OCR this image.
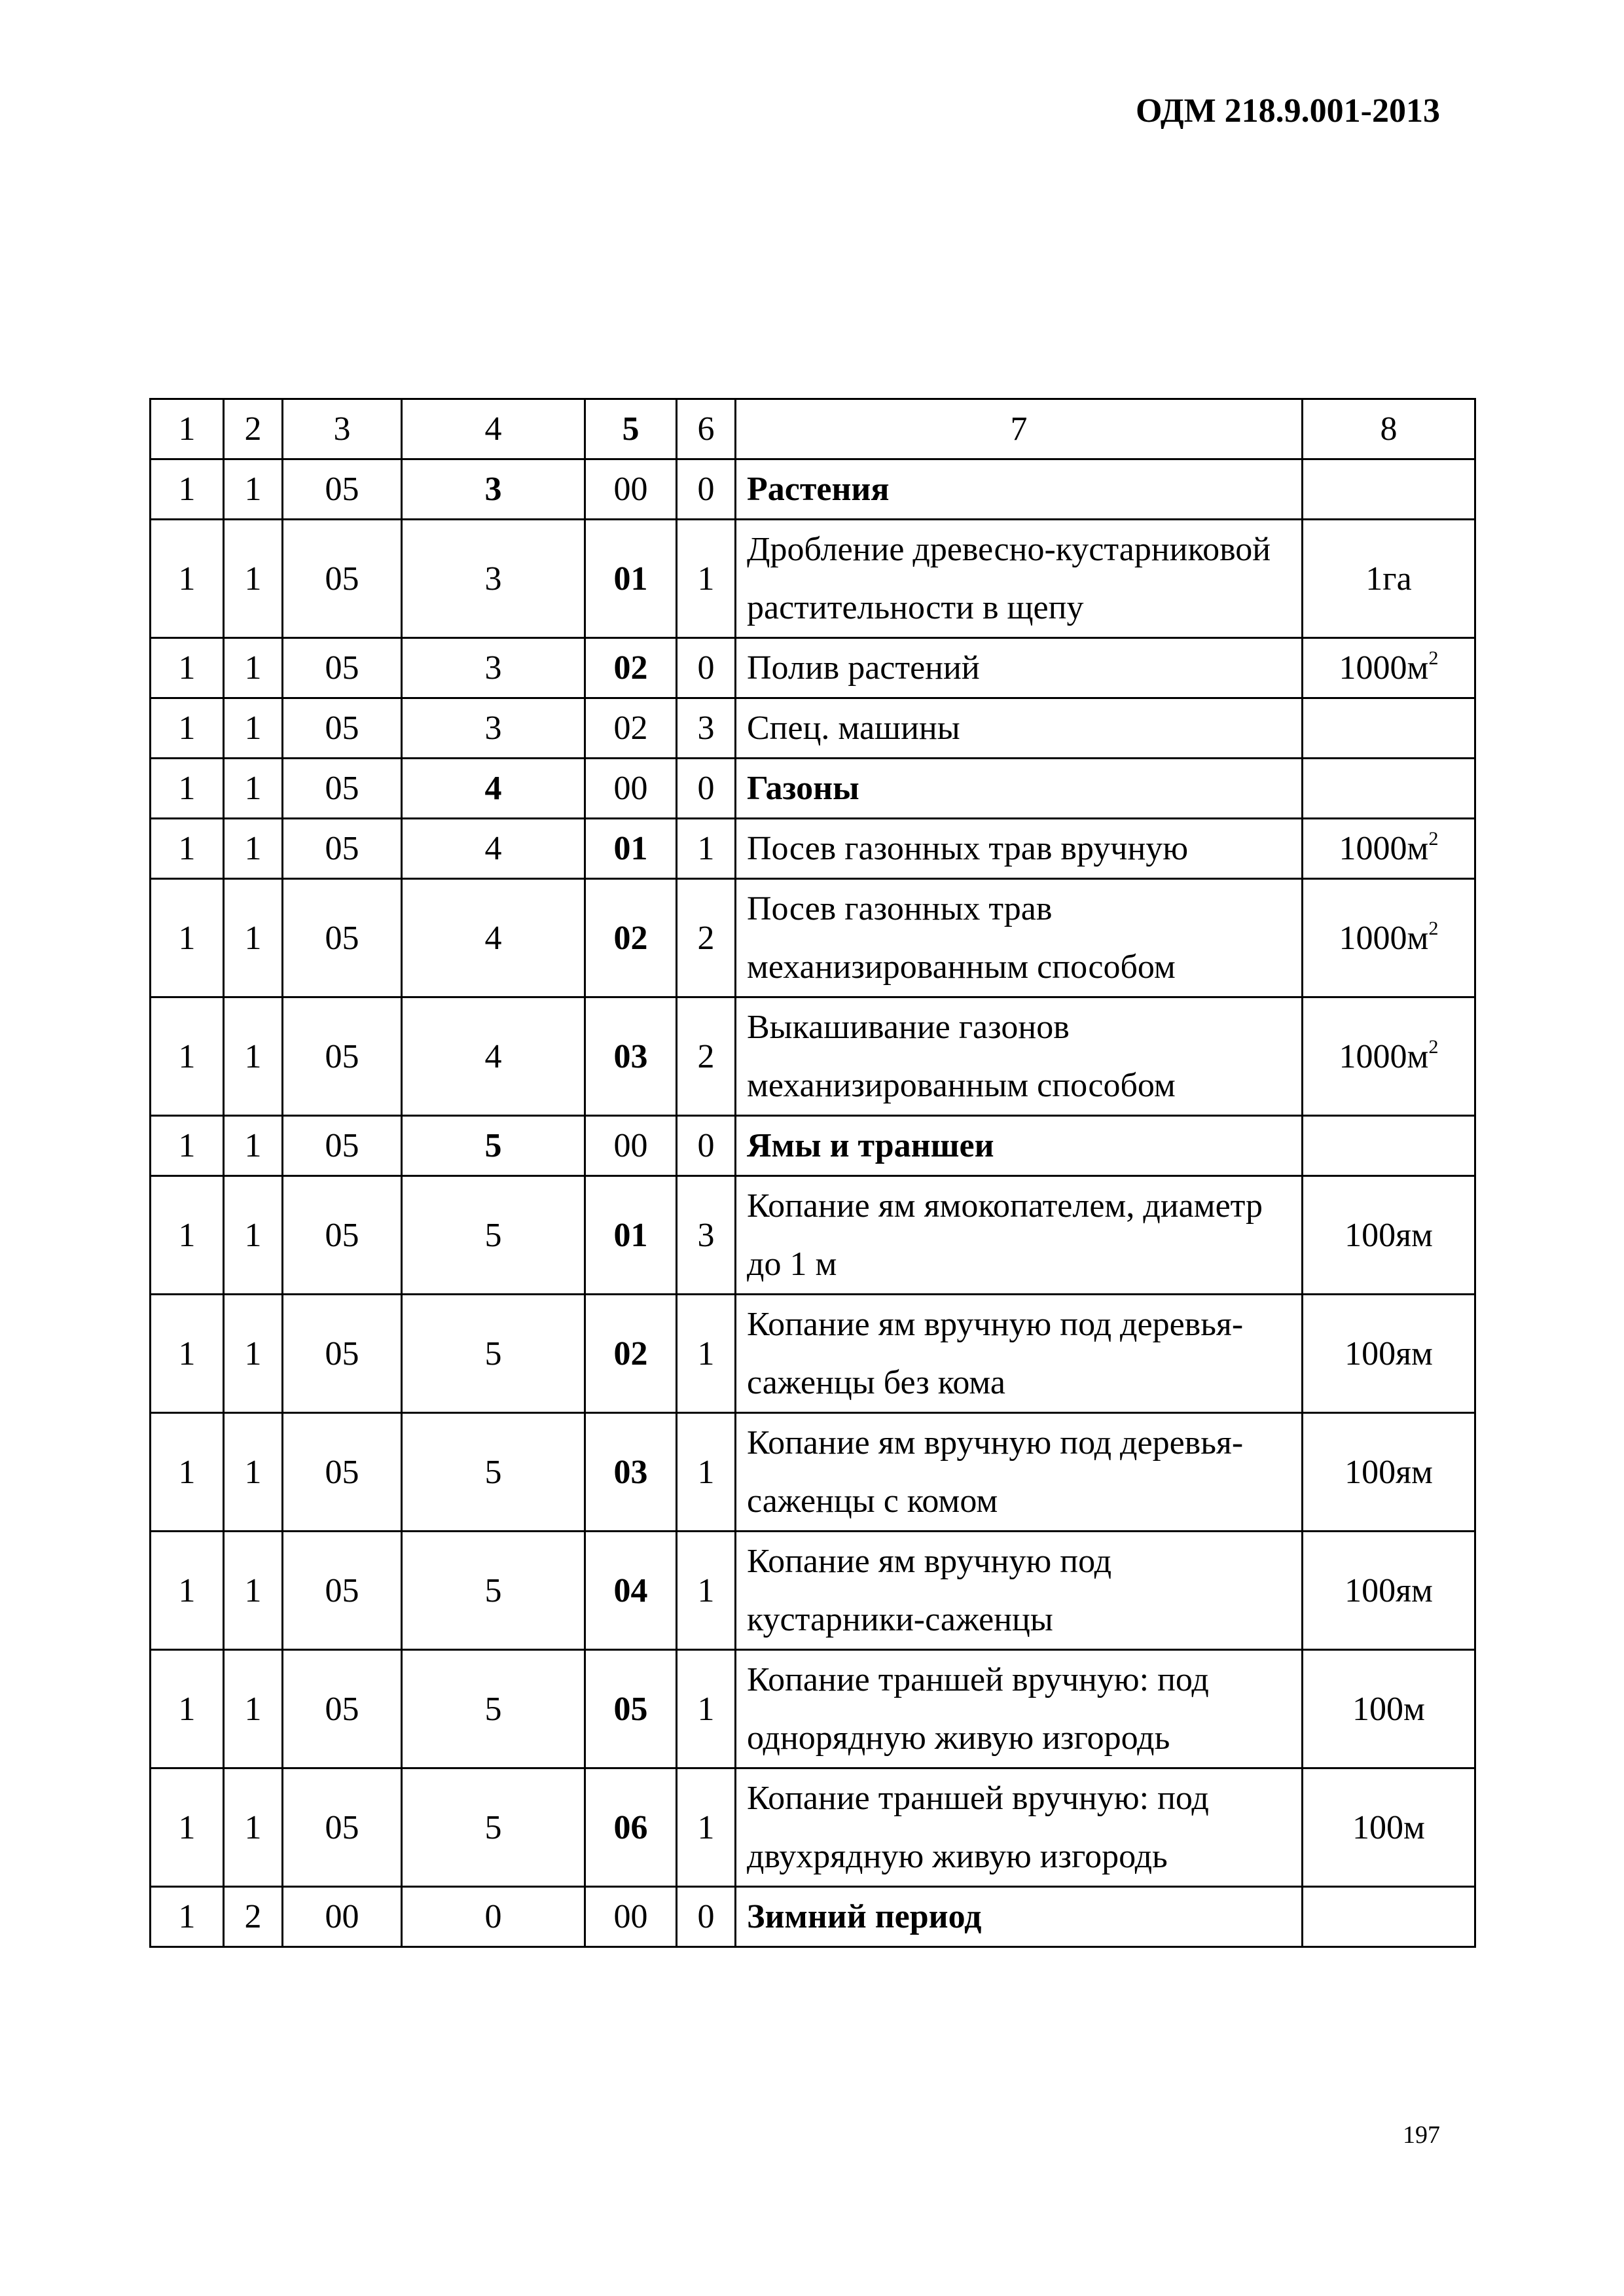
ОДМ 218.9.001-2013
1	2	3	4	5	6	7	8
1	1	05	3	00	0	Растения	
1	1	05	3	01	1	Дробление древесно-кустарниковой растительности в щепу	1га
1	1	05	3	02	0	Полив растений	$1000м^2$
1	1	05	3	02	3	Спец. машины	
1	1	05	4	00	0	Газоны	
1	1	05	4	01	1	Посев газонных трав вручную	$1000м^2$
1	1	05	4	02	2	Посев газонных трав механизированным способом	$1000м^2$
1	1	05	4	03	2	Выкашивание газонов механизированным способом	$1000м^2$
1	1	05	5	00	0	Ямы и траншеи	
1	1	05	5	01	3	Копание ям ямокопателем, диаметр до 1 м	100ям
1	1	05	5	02	1	Копание ям вручную под деревья-саженцы без кома	100ям
1	1	05	5	03	1	Копание ям вручную под деревья-саженцы с комом	100ям
1	1	05	5	04	1	Копание ям вручную под кустарники-саженцы	100ям
1	1	05	5	05	1	Копание траншей вручную: под однорядную живую изгородь	100м
1	1	05	5	06	1	Копание траншей вручную: под двухрядную живую изгородь	100м
1	2	00	0	00	0	Зимний период	
197
